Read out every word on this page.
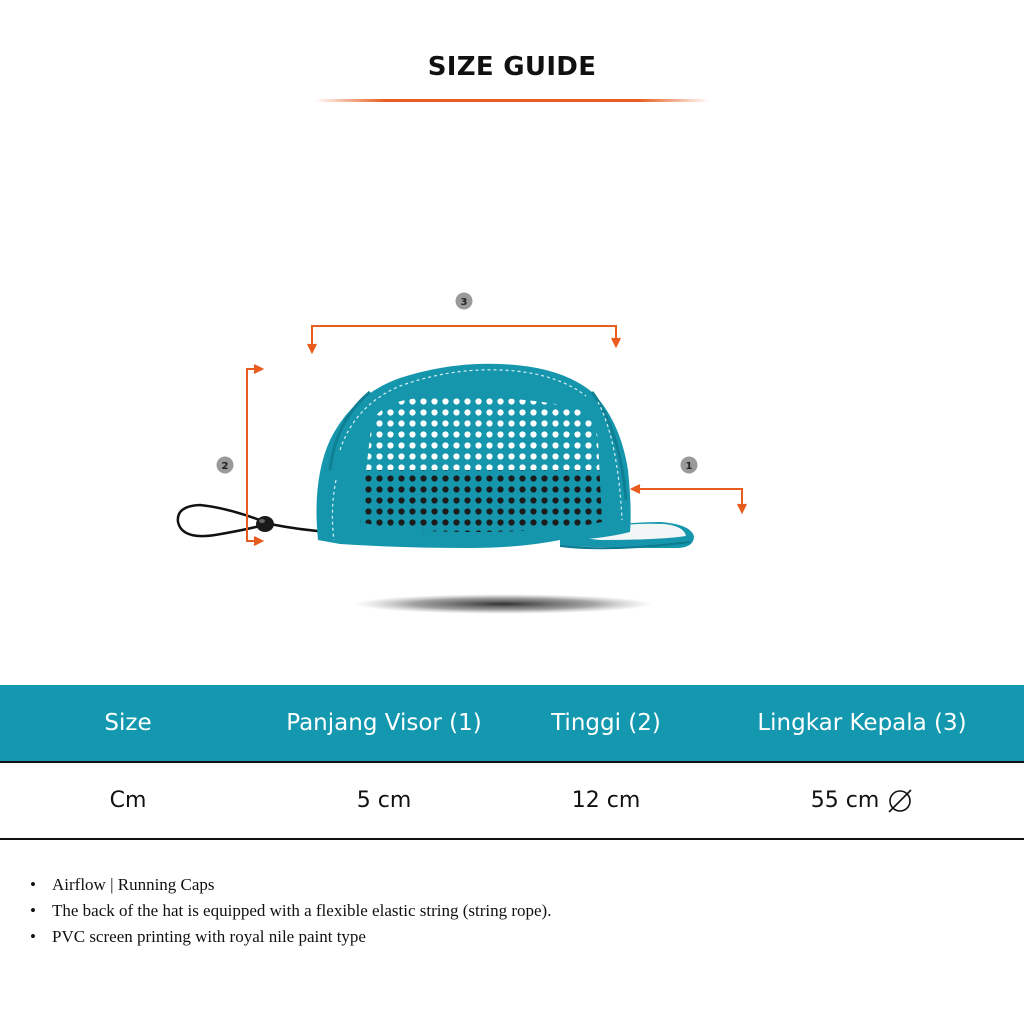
SIZE GUIDE
3
2	1
Size	Panjang Visor (1)	Tinggi (2)	Lingkar Kepala (3)
Cm	5 cm	12 cm	55 cm
• Airflow | Running Caps
• The back of the hat is equipped with a flexible elastic string (string rope).
• PVC screen printing with royal nile paint type
